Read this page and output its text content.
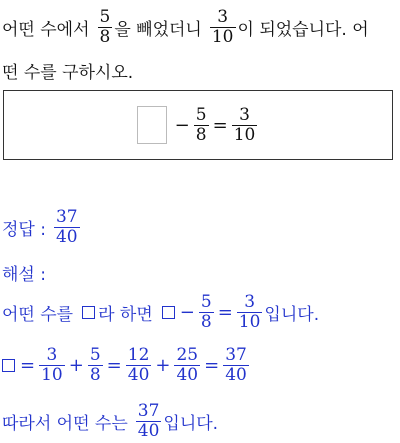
어떤 수에서 $\frac{5}{8}$ 을 빼었더니 $\frac{3}{10}$ 이 되었습니다. 어
떤 수를 구하시오.
− $\frac{5}{8} = \frac{3}{10}$
정답 : $\frac{37}{40}$
해설 :
어떤 수를 라 하면 − $\frac{5}{8} = \frac{3}{10}$ 입니다.
= $\frac{3}{10} + \frac{5}{8} = \frac{12}{40} + \frac{25}{40} = \frac{37}{40}$
따라서 어떤 수는 $\frac{37}{40}$ 입니다.
